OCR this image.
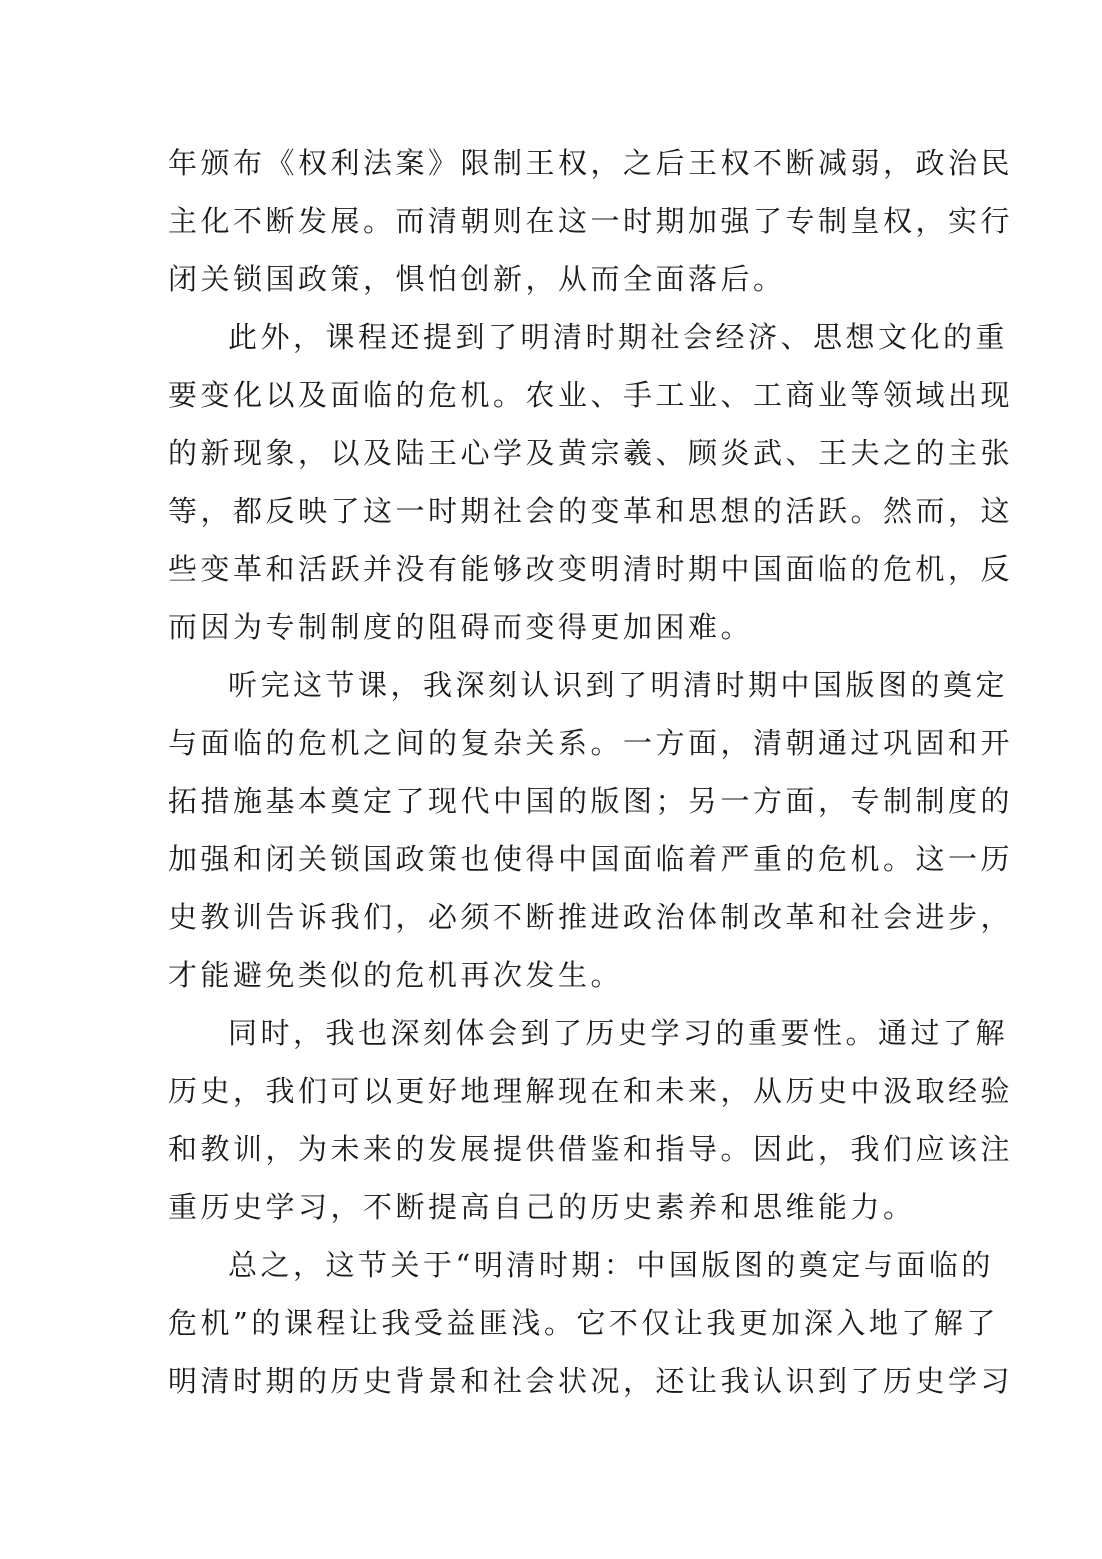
年颁布《权利法案》限制王权，之后王权不断减弱，政治民
主化不断发展。而清朝则在这一时期加强了专制皇权，实行
闭关锁国政策，惧怕创新，从而全面落后。

此外，课程还提到了明清时期社会经济、思想文化的重
要变化以及面临的危机。农业、手工业、工商业等领域出现
的新现象，以及陆王心学及黄宗羲、顾炎武、王夫之的主张
等，都反映了这一时期社会的变革和思想的活跃。然而，这
些变革和活跃并没有能够改变明清时期中国面临的危机，反
而因为专制制度的阻碍而变得更加困难。

听完这节课，我深刻认识到了明清时期中国版图的奠定
与面临的危机之间的复杂关系。一方面，清朝通过巩固和开
拓措施基本奠定了现代中国的版图；另一方面，专制制度的
加强和闭关锁国政策也使得中国面临着严重的危机。这一历
史教训告诉我们，必须不断推进政治体制改革和社会进步，
才能避免类似的危机再次发生。

同时，我也深刻体会到了历史学习的重要性。通过了解
历史，我们可以更好地理解现在和未来，从历史中汲取经验
和教训，为未来的发展提供借鉴和指导。因此，我们应该注
重历史学习，不断提高自己的历史素养和思维能力。

总之，这节关于“明清时期：中国版图的奠定与面临的
危机”的课程让我受益匪浅。它不仅让我更加深入地了解了
明清时期的历史背景和社会状况，还让我认识到了历史学习
